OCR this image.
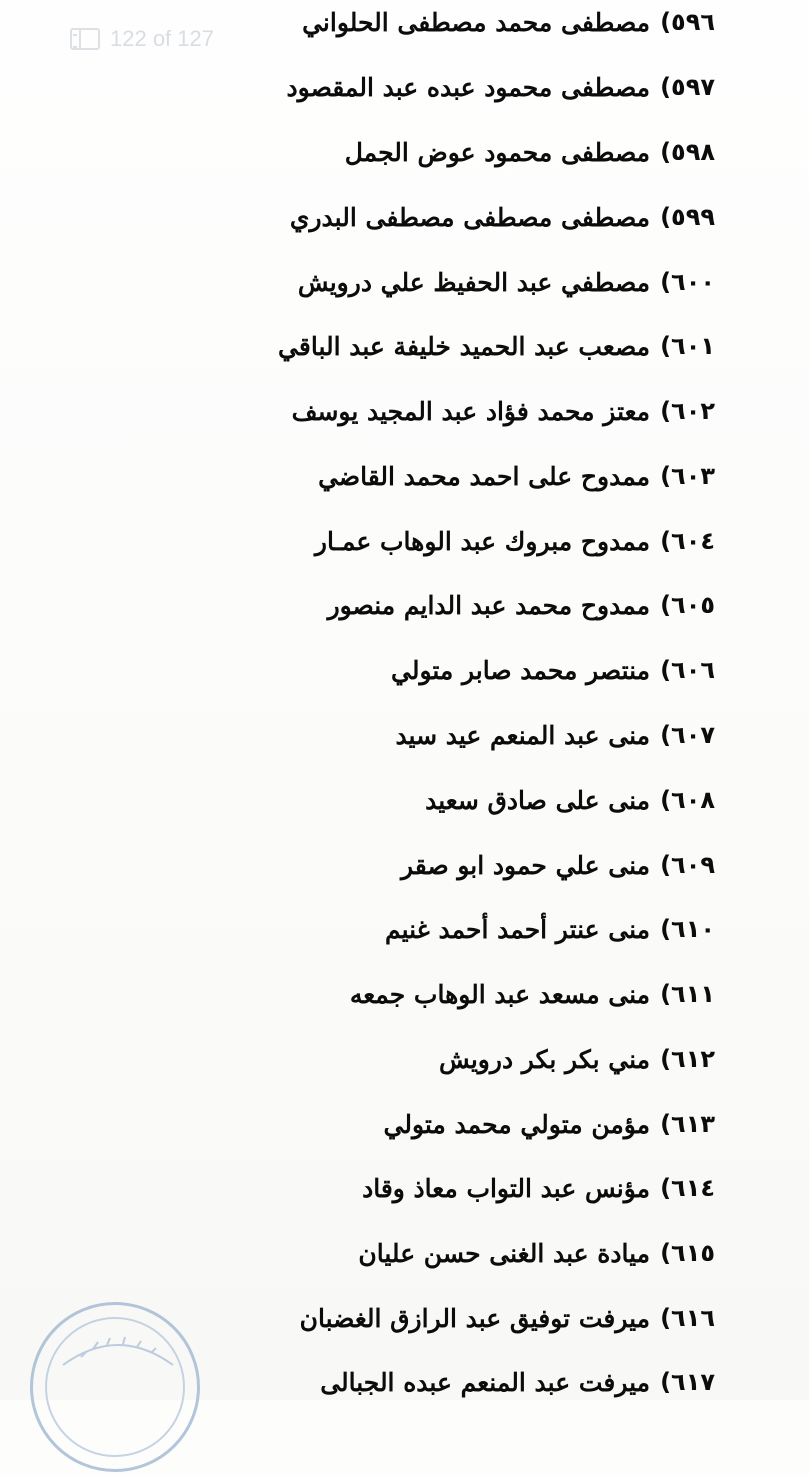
122 of 127
٥٩٦)
مصطفى محمد مصطفى الحلواني
٥٩٧)
مصطفى محمود عبده عبد المقصود
٥٩٨)
مصطفى محمود عوض الجمل
٥٩٩)
مصطفى مصطفى مصطفى البدري
٦٠٠)
مصطفي عبد الحفيظ علي درويش
٦٠١)
مصعب عبد الحميد خليفة عبد الباقي
٦٠٢)
معتز محمد فؤاد عبد المجيد يوسف
٦٠٣)
ممدوح على احمد محمد القاضي
٦٠٤)
ممدوح مبروك عبد الوهاب عمـار
٦٠٥)
ممدوح محمد عبد الدايم منصور
٦٠٦)
منتصر محمد صابر متولي
٦٠٧)
منى عبد المنعم عيد سيد
٦٠٨)
منى على صادق سعيد
٦٠٩)
منى علي حمود ابو صقر
٦١٠)
منى عنتر أحمد أحمد غنيم
٦١١)
منى مسعد عبد الوهاب جمعه
٦١٢)
مني بكر بكر درويش
٦١٣)
مؤمن متولي محمد متولي
٦١٤)
مؤنس عبد التواب معاذ وقاد
٦١٥)
ميادة عبد الغنى حسن عليان
٦١٦)
ميرفت توفيق عبد الرازق الغضبان
٦١٧)
ميرفت عبد المنعم عبده الجبالى
